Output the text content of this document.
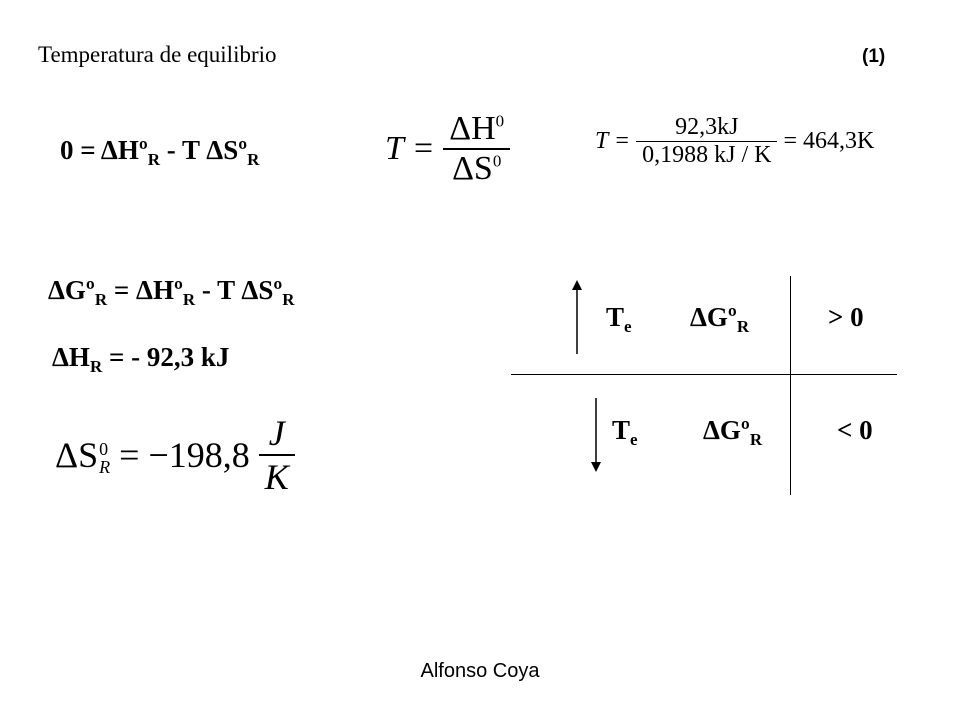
Temperatura de equilibrio	(1)
0 = ΔHº$_R$ - T ΔSº$_R$	$T = \frac{\Delta H^0}{\Delta S^0}$	$T = \frac{92,3kJ}{0,1988 kJ / K} = 464,3K$
ΔGº$_R$ = ΔHº$_R$ - T ΔSº$_R$
$\Delta H_R$ = - 92,3 kJ
ΔS 0
$R = -198,8 \frac{J}{K}$
$T_e$ ΔGº$_R$	> 0
$T_e$ ΔGº$_R$	< 0
Alfonso Coya
